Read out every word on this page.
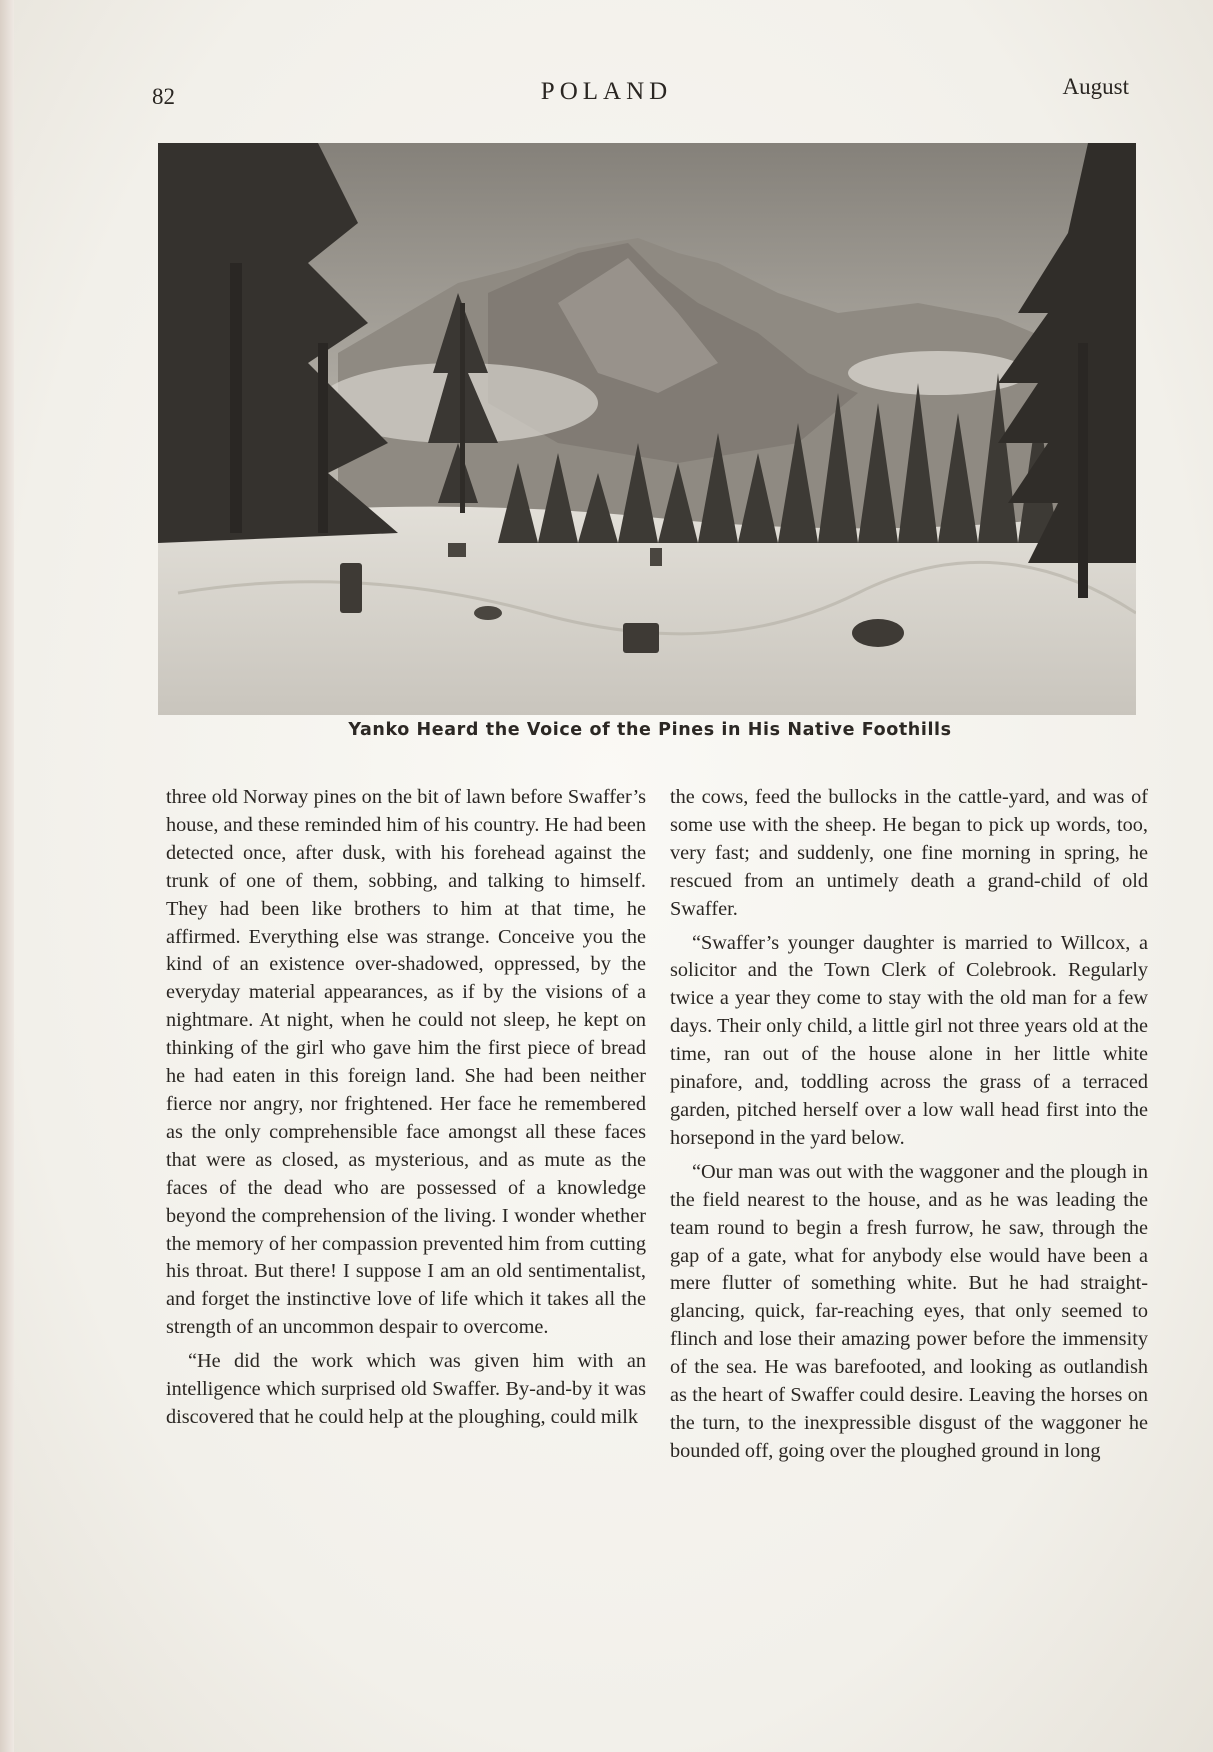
82	POLAND	August
Yanko Heard the Voice of the Pines in His Native Foothills

three old Norway pines on the bit of lawn before Swaffer’s house, and these reminded him of his country. He had been detected once, after dusk, with his forehead against the trunk of one of them, sobbing, and talking to himself. They had been like brothers to him at that time, he affirmed. Everything else was strange. Conceive you the kind of an existence over-shadowed, oppressed, by the everyday material appearances, as if by the visions of a nightmare. At night, when he could not sleep, he kept on thinking of the girl who gave him the first piece of bread he had eaten in this foreign land. She had been neither fierce nor angry, nor frightened. Her face he remembered as the only comprehensible face amongst all these faces that were as closed, as mysterious, and as mute as the faces of the dead who are possessed of a knowledge beyond the comprehension of the living. I wonder whether the memory of her compassion prevented him from cutting his throat. But there! I suppose I am an old sentimentalist, and forget the instinctive love of life which it takes all the strength of an uncommon despair to overcome.

“He did the work which was given him with an intelligence which surprised old Swaffer. By-and-by it was discovered that he could help at the ploughing, could milk

the cows, feed the bullocks in the cattle-yard, and was of some use with the sheep. He began to pick up words, too, very fast; and suddenly, one fine morning in spring, he rescued from an untimely death a grand-child of old Swaffer.

“Swaffer’s younger daughter is married to Willcox, a solicitor and the Town Clerk of Colebrook. Regularly twice a year they come to stay with the old man for a few days. Their only child, a little girl not three years old at the time, ran out of the house alone in her little white pinafore, and, toddling across the grass of a terraced garden, pitched herself over a low wall head first into the horsepond in the yard below.

“Our man was out with the waggoner and the plough in the field nearest to the house, and as he was leading the team round to begin a fresh furrow, he saw, through the gap of a gate, what for anybody else would have been a mere flutter of something white. But he had straight-glancing, quick, far-reaching eyes, that only seemed to flinch and lose their amazing power before the immensity of the sea. He was barefooted, and looking as outlandish as the heart of Swaffer could desire. Leaving the horses on the turn, to the inexpressible disgust of the waggoner he bounded off, going over the ploughed ground in long
